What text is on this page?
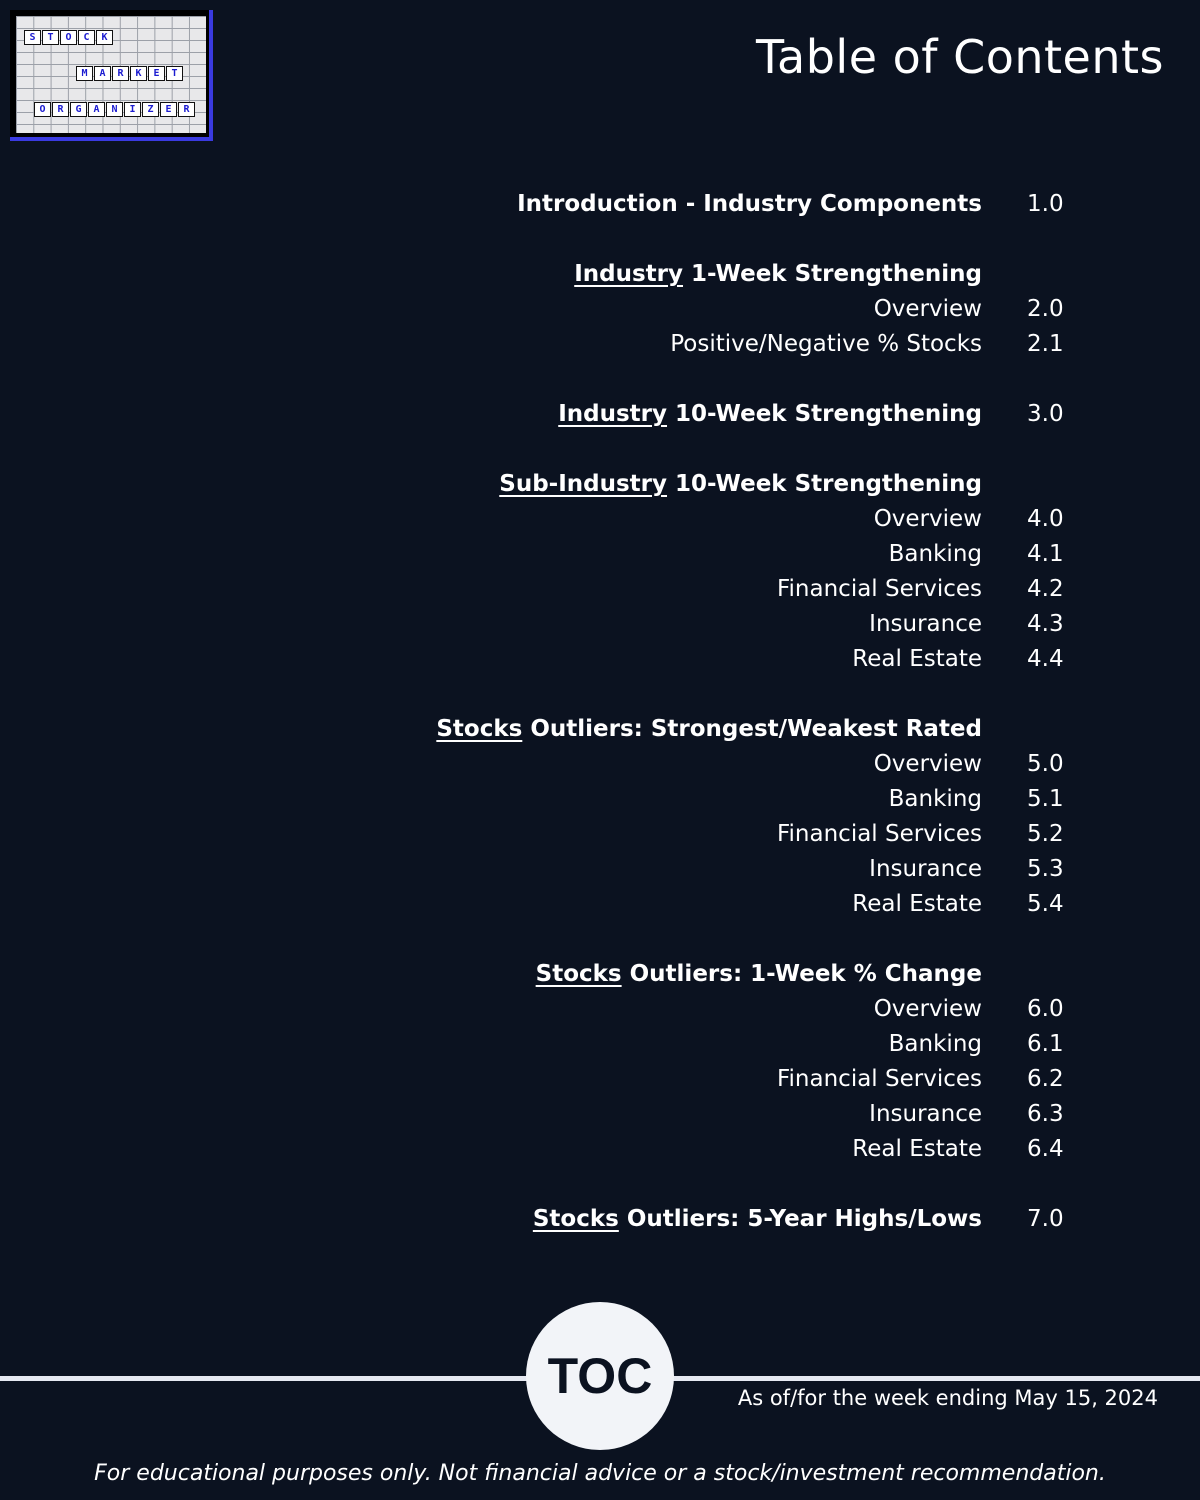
S	T	O	C	K
M	A	R	K	E	T
O	R	G	A	N	I	Z	E	R
Table of Contents
Introduction - Industry Components 1.0
Industry 1-Week Strengthening
Overview 2.0
Positive/Negative % Stocks 2.1
Industry 10-Week Strengthening 3.0
Sub-Industry 10-Week Strengthening
Overview 4.0
Banking 4.1
Financial Services 4.2
Insurance 4.3
Real Estate 4.4
Stocks Outliers: Strongest/Weakest Rated
Overview 5.0
Banking 5.1
Financial Services 5.2
Insurance 5.3
Real Estate 5.4
Stocks Outliers: 1-Week % Change
Overview 6.0
Banking 6.1
Financial Services 6.2
Insurance 6.3
Real Estate 6.4
Stocks Outliers: 5-Year Highs/Lows 7.0
TOC	As of/for the week ending May 15, 2024
For educational purposes only. Not financial advice or a stock/investment recommendation.
